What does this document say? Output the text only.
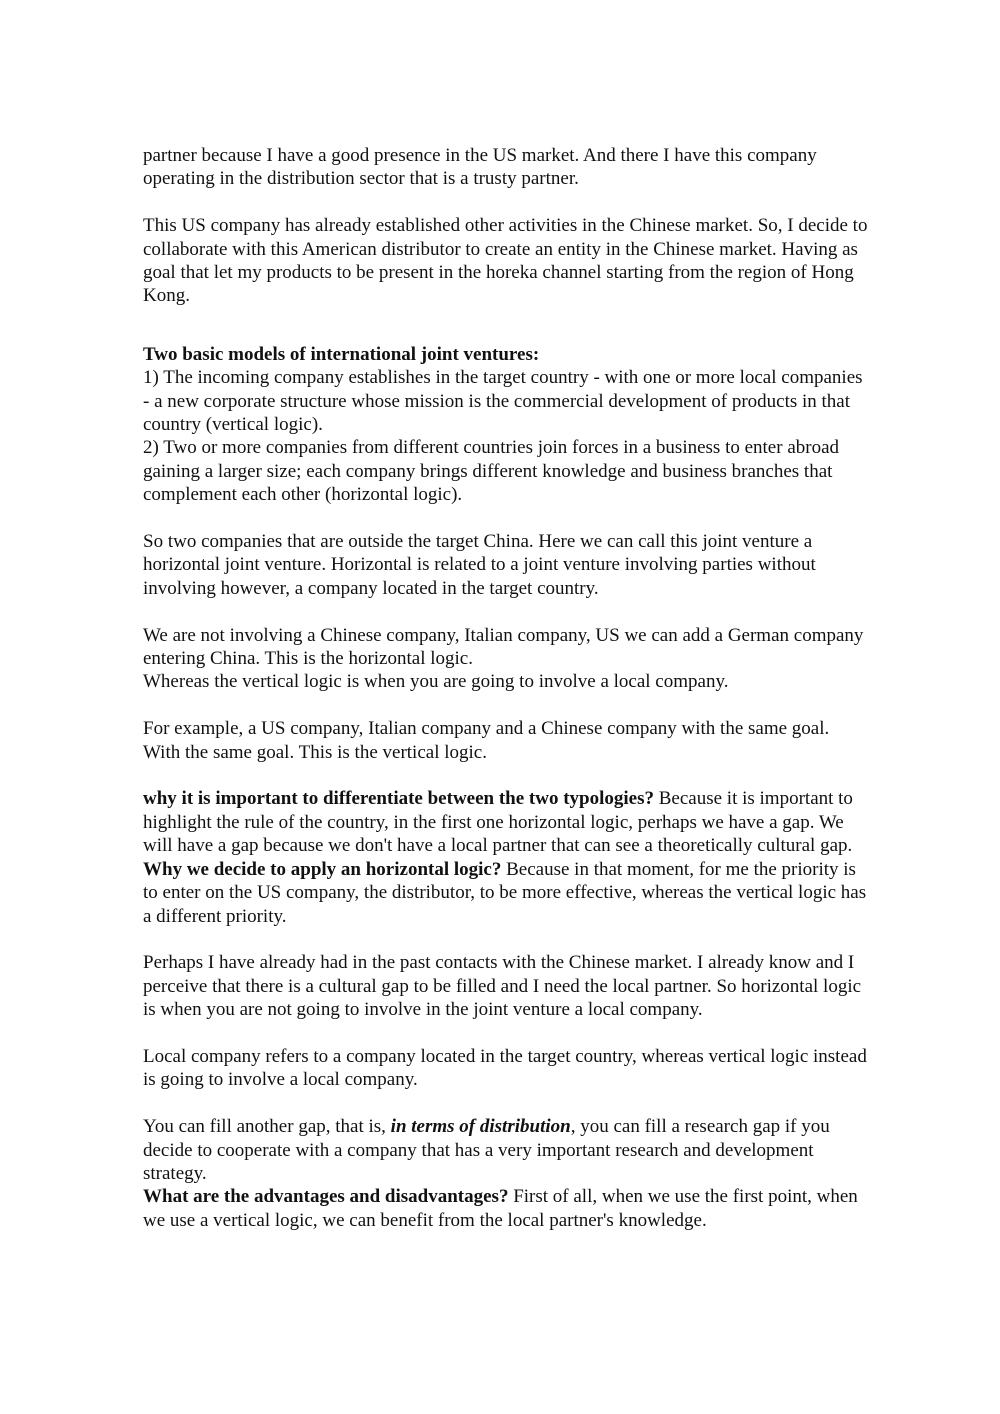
partner because I have a good presence in the US market. And there I have this company operating in the distribution sector that is a trusty partner.

This US company has already established other activities in the Chinese market. So, I decide to collaborate with this American distributor to create an entity in the Chinese market. Having as goal that let my products to be present in the horeka channel starting from the region of Hong Kong.

Two basic models of international joint ventures:

1) The incoming company establishes in the target country - with one or more local companies - a new corporate structure whose mission is the commercial development of products in that country (vertical logic).

2) Two or more companies from different countries join forces in a business to enter abroad gaining a larger size; each company brings different knowledge and business branches that complement each other (horizontal logic).

So two companies that are outside the target China. Here we can call this joint venture a horizontal joint venture. Horizontal is related to a joint venture involving parties without involving however, a company located in the target country.

We are not involving a Chinese company, Italian company, US we can add a German company entering China. This is the horizontal logic.

Whereas the vertical logic is when you are going to involve a local company.

For example, a US company, Italian company and a Chinese company with the same goal. With the same goal. This is the vertical logic.

why it is important to differentiate between the two typologies? Because it is important to highlight the rule of the country, in the first one horizontal logic, perhaps we have a gap. We will have a gap because we don't have a local partner that can see a theoretically cultural gap. Why we decide to apply an horizontal logic? Because in that moment, for me the priority is to enter on the US company, the distributor, to be more effective, whereas the vertical logic has a different priority.

Perhaps I have already had in the past contacts with the Chinese market. I already know and I perceive that there is a cultural gap to be filled and I need the local partner. So horizontal logic is when you are not going to involve in the joint venture a local company.

Local company refers to a company located in the target country, whereas vertical logic instead is going to involve a local company.

You can fill another gap, that is, in terms of distribution, you can fill a research gap if you decide to cooperate with a company that has a very important research and development strategy.

What are the advantages and disadvantages? First of all, when we use the first point, when we use a vertical logic, we can benefit from the local partner's knowledge.
